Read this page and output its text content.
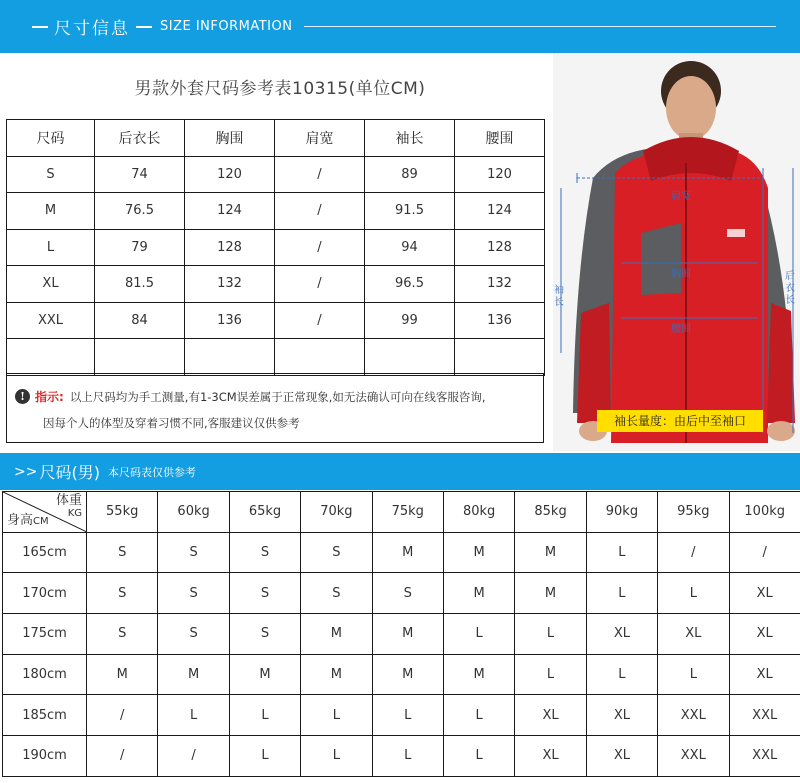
尺寸信息 SIZE INFORMATION
男款外套尺码参考表10315(单位CM)
尺码	后衣长	胸围	肩宽	袖长	腰围
S	74	120	/	89	120
M	76.5	124	/	91.5	124
L	79	128	/	94	128
XL	81.5	132	/	96.5	132
XXL	84	136	/	99	136

! 指示: 以上尺码均为手工测量,有1-3CM误差属于正常现象,如无法确认可向在线客服咨询,
因每个人的体型及穿着习惯不同,客服建议仅供参考
肩宽
胸围
腰围
袖长
后衣长
袖长量度：由后中至袖口
>> 尺码(男) 本尺码表仅供参考
体重
KG
身高CM	55kg	60kg	65kg	70kg	75kg	80kg	85kg	90kg	95kg	100kg
165cm	S	S	S	S	M	M	M	L	/	/
170cm	S	S	S	S	S	M	M	L	L	XL
175cm	S	S	S	M	M	L	L	XL	XL	XL
180cm	M	M	M	M	M	M	L	L	L	XL
185cm	/	L	L	L	L	L	XL	XL	XXL	XXL
190cm	/	/	L	L	L	L	XL	XL	XXL	XXL
